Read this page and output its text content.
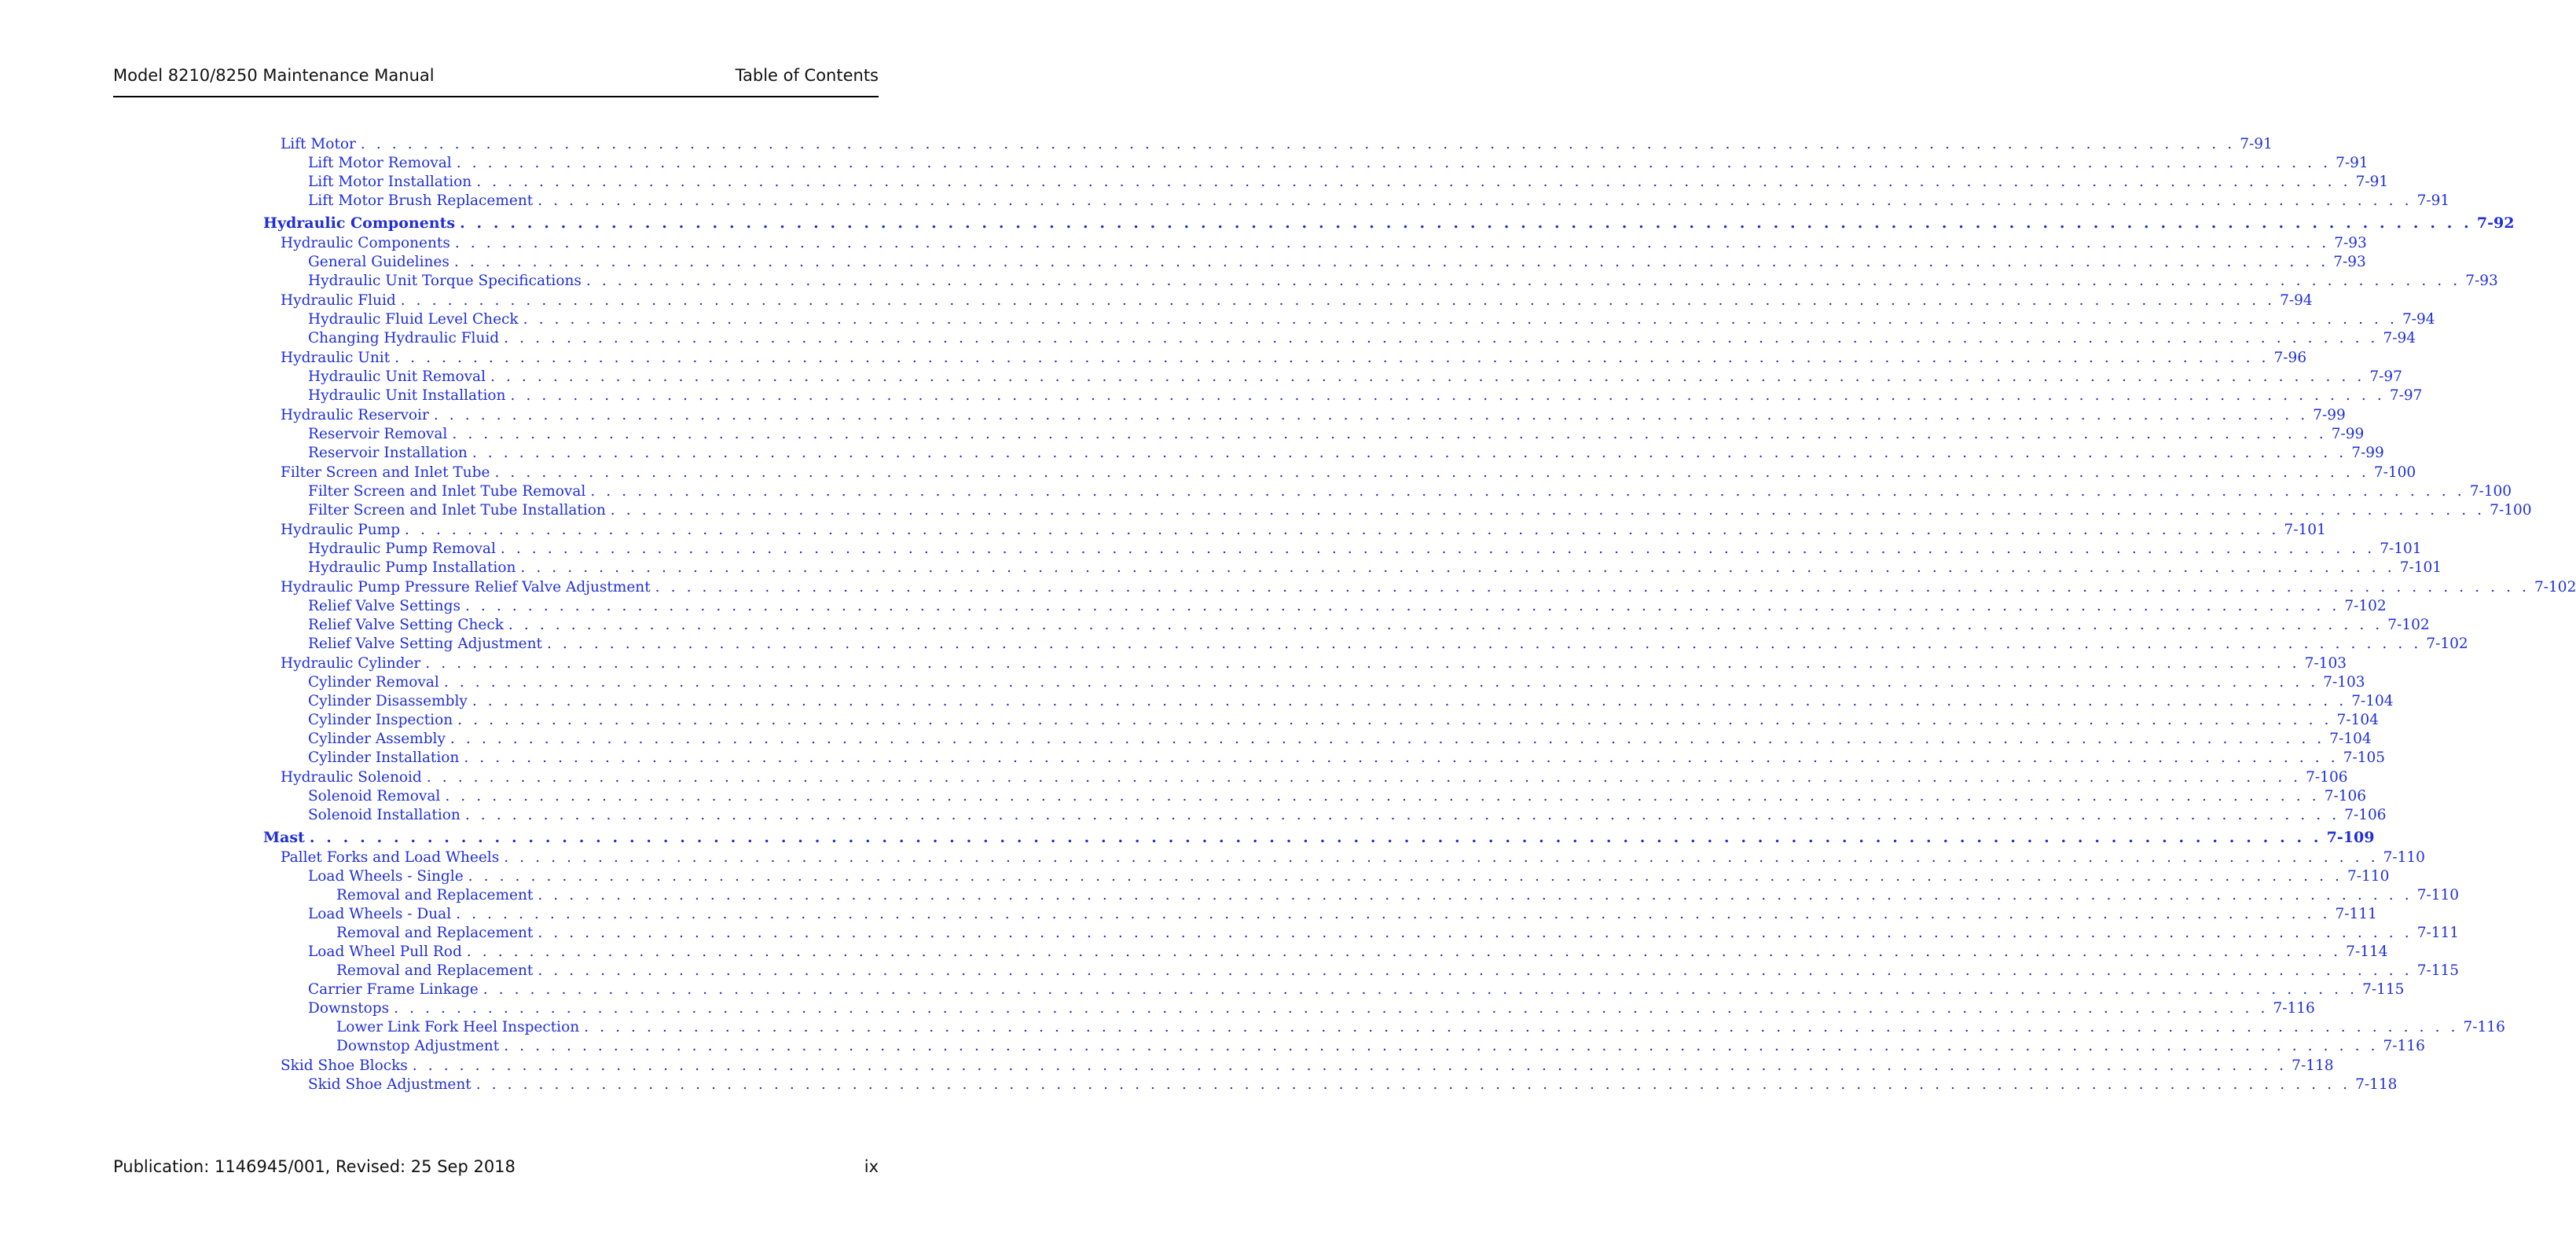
Model 8210/8250 Maintenance Manual	Table of Contents
Lift Motor . . . . . . . . . . . . . . . . . . . . . . . . . . . . . . . . . . . . . . . . . . . . . . . . . . . . . . . . . . . . . . . . . . . . . . . . . . . . . . . . . . . . . . . . . . . . . . . . . . . . . . . . . . . . . . . . . . . . . . . . 7-91
Lift Motor Removal . . . . . . . . . . . . . . . . . . . . . . . . . . . . . . . . . . . . . . . . . . . . . . . . . . . . . . . . . . . . . . . . . . . . . . . . . . . . . . . . . . . . . . . . . . . . . . . . . . . . . . . . . . . . . . . . . . . . . . . . 7-91
Lift Motor Installation . . . . . . . . . . . . . . . . . . . . . . . . . . . . . . . . . . . . . . . . . . . . . . . . . . . . . . . . . . . . . . . . . . . . . . . . . . . . . . . . . . . . . . . . . . . . . . . . . . . . . . . . . . . . . . . . . . . . . . . . 7-91
Lift Motor Brush Replacement . . . . . . . . . . . . . . . . . . . . . . . . . . . . . . . . . . . . . . . . . . . . . . . . . . . . . . . . . . . . . . . . . . . . . . . . . . . . . . . . . . . . . . . . . . . . . . . . . . . . . . . . . . . . . . . . . . . . . . . . 7-91
Hydraulic Components . . . . . . . . . . . . . . . . . . . . . . . . . . . . . . . . . . . . . . . . . . . . . . . . . . . . . . . . . . . . . . . . . . . . . . . . . . . . . . . . . . . . . . . . . . . . . . . . . . . . . . . . . . . . . . . . . . . . . . . . 7-92
Hydraulic Components . . . . . . . . . . . . . . . . . . . . . . . . . . . . . . . . . . . . . . . . . . . . . . . . . . . . . . . . . . . . . . . . . . . . . . . . . . . . . . . . . . . . . . . . . . . . . . . . . . . . . . . . . . . . . . . . . . . . . . . . 7-93
General Guidelines . . . . . . . . . . . . . . . . . . . . . . . . . . . . . . . . . . . . . . . . . . . . . . . . . . . . . . . . . . . . . . . . . . . . . . . . . . . . . . . . . . . . . . . . . . . . . . . . . . . . . . . . . . . . . . . . . . . . . . . . 7-93
Hydraulic Unit Torque Specifications . . . . . . . . . . . . . . . . . . . . . . . . . . . . . . . . . . . . . . . . . . . . . . . . . . . . . . . . . . . . . . . . . . . . . . . . . . . . . . . . . . . . . . . . . . . . . . . . . . . . . . . . . . . . . . . . . . . . . . . . 7-93
Hydraulic Fluid . . . . . . . . . . . . . . . . . . . . . . . . . . . . . . . . . . . . . . . . . . . . . . . . . . . . . . . . . . . . . . . . . . . . . . . . . . . . . . . . . . . . . . . . . . . . . . . . . . . . . . . . . . . . . . . . . . . . . . . . 7-94
Hydraulic Fluid Level Check . . . . . . . . . . . . . . . . . . . . . . . . . . . . . . . . . . . . . . . . . . . . . . . . . . . . . . . . . . . . . . . . . . . . . . . . . . . . . . . . . . . . . . . . . . . . . . . . . . . . . . . . . . . . . . . . . . . . . . . . 7-94
Changing Hydraulic Fluid . . . . . . . . . . . . . . . . . . . . . . . . . . . . . . . . . . . . . . . . . . . . . . . . . . . . . . . . . . . . . . . . . . . . . . . . . . . . . . . . . . . . . . . . . . . . . . . . . . . . . . . . . . . . . . . . . . . . . . . . 7-94
Hydraulic Unit . . . . . . . . . . . . . . . . . . . . . . . . . . . . . . . . . . . . . . . . . . . . . . . . . . . . . . . . . . . . . . . . . . . . . . . . . . . . . . . . . . . . . . . . . . . . . . . . . . . . . . . . . . . . . . . . . . . . . . . . 7-96
Hydraulic Unit Removal . . . . . . . . . . . . . . . . . . . . . . . . . . . . . . . . . . . . . . . . . . . . . . . . . . . . . . . . . . . . . . . . . . . . . . . . . . . . . . . . . . . . . . . . . . . . . . . . . . . . . . . . . . . . . . . . . . . . . . . . 7-97
Hydraulic Unit Installation . . . . . . . . . . . . . . . . . . . . . . . . . . . . . . . . . . . . . . . . . . . . . . . . . . . . . . . . . . . . . . . . . . . . . . . . . . . . . . . . . . . . . . . . . . . . . . . . . . . . . . . . . . . . . . . . . . . . . . . . 7-97
Hydraulic Reservoir . . . . . . . . . . . . . . . . . . . . . . . . . . . . . . . . . . . . . . . . . . . . . . . . . . . . . . . . . . . . . . . . . . . . . . . . . . . . . . . . . . . . . . . . . . . . . . . . . . . . . . . . . . . . . . . . . . . . . . . . 7-99
Reservoir Removal . . . . . . . . . . . . . . . . . . . . . . . . . . . . . . . . . . . . . . . . . . . . . . . . . . . . . . . . . . . . . . . . . . . . . . . . . . . . . . . . . . . . . . . . . . . . . . . . . . . . . . . . . . . . . . . . . . . . . . . . 7-99
Reservoir Installation . . . . . . . . . . . . . . . . . . . . . . . . . . . . . . . . . . . . . . . . . . . . . . . . . . . . . . . . . . . . . . . . . . . . . . . . . . . . . . . . . . . . . . . . . . . . . . . . . . . . . . . . . . . . . . . . . . . . . . . . 7-99
Filter Screen and Inlet Tube . . . . . . . . . . . . . . . . . . . . . . . . . . . . . . . . . . . . . . . . . . . . . . . . . . . . . . . . . . . . . . . . . . . . . . . . . . . . . . . . . . . . . . . . . . . . . . . . . . . . . . . . . . . . . . . . . . . . . . . . 7-100
Filter Screen and Inlet Tube Removal . . . . . . . . . . . . . . . . . . . . . . . . . . . . . . . . . . . . . . . . . . . . . . . . . . . . . . . . . . . . . . . . . . . . . . . . . . . . . . . . . . . . . . . . . . . . . . . . . . . . . . . . . . . . . . . . . . . . . . . . 7-100
Filter Screen and Inlet Tube Installation . . . . . . . . . . . . . . . . . . . . . . . . . . . . . . . . . . . . . . . . . . . . . . . . . . . . . . . . . . . . . . . . . . . . . . . . . . . . . . . . . . . . . . . . . . . . . . . . . . . . . . . . . . . . . . . . . . . . . . . . 7-100
Hydraulic Pump . . . . . . . . . . . . . . . . . . . . . . . . . . . . . . . . . . . . . . . . . . . . . . . . . . . . . . . . . . . . . . . . . . . . . . . . . . . . . . . . . . . . . . . . . . . . . . . . . . . . . . . . . . . . . . . . . . . . . . . . 7-101
Hydraulic Pump Removal . . . . . . . . . . . . . . . . . . . . . . . . . . . . . . . . . . . . . . . . . . . . . . . . . . . . . . . . . . . . . . . . . . . . . . . . . . . . . . . . . . . . . . . . . . . . . . . . . . . . . . . . . . . . . . . . . . . . . . . . 7-101
Hydraulic Pump Installation . . . . . . . . . . . . . . . . . . . . . . . . . . . . . . . . . . . . . . . . . . . . . . . . . . . . . . . . . . . . . . . . . . . . . . . . . . . . . . . . . . . . . . . . . . . . . . . . . . . . . . . . . . . . . . . . . . . . . . . . 7-101
Hydraulic Pump Pressure Relief Valve Adjustment . . . . . . . . . . . . . . . . . . . . . . . . . . . . . . . . . . . . . . . . . . . . . . . . . . . . . . . . . . . . . . . . . . . . . . . . . . . . . . . . . . . . . . . . . . . . . . . . . . . . . . . . . . . . . . . . . . . . . . . . 7-102
Relief Valve Settings . . . . . . . . . . . . . . . . . . . . . . . . . . . . . . . . . . . . . . . . . . . . . . . . . . . . . . . . . . . . . . . . . . . . . . . . . . . . . . . . . . . . . . . . . . . . . . . . . . . . . . . . . . . . . . . . . . . . . . . . 7-102
Relief Valve Setting Check . . . . . . . . . . . . . . . . . . . . . . . . . . . . . . . . . . . . . . . . . . . . . . . . . . . . . . . . . . . . . . . . . . . . . . . . . . . . . . . . . . . . . . . . . . . . . . . . . . . . . . . . . . . . . . . . . . . . . . . . 7-102
Relief Valve Setting Adjustment . . . . . . . . . . . . . . . . . . . . . . . . . . . . . . . . . . . . . . . . . . . . . . . . . . . . . . . . . . . . . . . . . . . . . . . . . . . . . . . . . . . . . . . . . . . . . . . . . . . . . . . . . . . . . . . . . . . . . . . . 7-102
Hydraulic Cylinder . . . . . . . . . . . . . . . . . . . . . . . . . . . . . . . . . . . . . . . . . . . . . . . . . . . . . . . . . . . . . . . . . . . . . . . . . . . . . . . . . . . . . . . . . . . . . . . . . . . . . . . . . . . . . . . . . . . . . . . . 7-103
Cylinder Removal . . . . . . . . . . . . . . . . . . . . . . . . . . . . . . . . . . . . . . . . . . . . . . . . . . . . . . . . . . . . . . . . . . . . . . . . . . . . . . . . . . . . . . . . . . . . . . . . . . . . . . . . . . . . . . . . . . . . . . . . 7-103
Cylinder Disassembly . . . . . . . . . . . . . . . . . . . . . . . . . . . . . . . . . . . . . . . . . . . . . . . . . . . . . . . . . . . . . . . . . . . . . . . . . . . . . . . . . . . . . . . . . . . . . . . . . . . . . . . . . . . . . . . . . . . . . . . . 7-104
Cylinder Inspection . . . . . . . . . . . . . . . . . . . . . . . . . . . . . . . . . . . . . . . . . . . . . . . . . . . . . . . . . . . . . . . . . . . . . . . . . . . . . . . . . . . . . . . . . . . . . . . . . . . . . . . . . . . . . . . . . . . . . . . . 7-104
Cylinder Assembly . . . . . . . . . . . . . . . . . . . . . . . . . . . . . . . . . . . . . . . . . . . . . . . . . . . . . . . . . . . . . . . . . . . . . . . . . . . . . . . . . . . . . . . . . . . . . . . . . . . . . . . . . . . . . . . . . . . . . . . . 7-104
Cylinder Installation . . . . . . . . . . . . . . . . . . . . . . . . . . . . . . . . . . . . . . . . . . . . . . . . . . . . . . . . . . . . . . . . . . . . . . . . . . . . . . . . . . . . . . . . . . . . . . . . . . . . . . . . . . . . . . . . . . . . . . . . 7-105
Hydraulic Solenoid . . . . . . . . . . . . . . . . . . . . . . . . . . . . . . . . . . . . . . . . . . . . . . . . . . . . . . . . . . . . . . . . . . . . . . . . . . . . . . . . . . . . . . . . . . . . . . . . . . . . . . . . . . . . . . . . . . . . . . . . 7-106
Solenoid Removal . . . . . . . . . . . . . . . . . . . . . . . . . . . . . . . . . . . . . . . . . . . . . . . . . . . . . . . . . . . . . . . . . . . . . . . . . . . . . . . . . . . . . . . . . . . . . . . . . . . . . . . . . . . . . . . . . . . . . . . . 7-106
Solenoid Installation . . . . . . . . . . . . . . . . . . . . . . . . . . . . . . . . . . . . . . . . . . . . . . . . . . . . . . . . . . . . . . . . . . . . . . . . . . . . . . . . . . . . . . . . . . . . . . . . . . . . . . . . . . . . . . . . . . . . . . . . 7-106
Mast . . . . . . . . . . . . . . . . . . . . . . . . . . . . . . . . . . . . . . . . . . . . . . . . . . . . . . . . . . . . . . . . . . . . . . . . . . . . . . . . . . . . . . . . . . . . . . . . . . . . . . . . . . . . . . . . . . . . . . . . 7-109
Pallet Forks and Load Wheels . . . . . . . . . . . . . . . . . . . . . . . . . . . . . . . . . . . . . . . . . . . . . . . . . . . . . . . . . . . . . . . . . . . . . . . . . . . . . . . . . . . . . . . . . . . . . . . . . . . . . . . . . . . . . . . . . . . . . . . . 7-110
Load Wheels - Single . . . . . . . . . . . . . . . . . . . . . . . . . . . . . . . . . . . . . . . . . . . . . . . . . . . . . . . . . . . . . . . . . . . . . . . . . . . . . . . . . . . . . . . . . . . . . . . . . . . . . . . . . . . . . . . . . . . . . . . . 7-110
Removal and Replacement . . . . . . . . . . . . . . . . . . . . . . . . . . . . . . . . . . . . . . . . . . . . . . . . . . . . . . . . . . . . . . . . . . . . . . . . . . . . . . . . . . . . . . . . . . . . . . . . . . . . . . . . . . . . . . . . . . . . . . . . 7-110
Load Wheels - Dual . . . . . . . . . . . . . . . . . . . . . . . . . . . . . . . . . . . . . . . . . . . . . . . . . . . . . . . . . . . . . . . . . . . . . . . . . . . . . . . . . . . . . . . . . . . . . . . . . . . . . . . . . . . . . . . . . . . . . . . . 7-111
Removal and Replacement . . . . . . . . . . . . . . . . . . . . . . . . . . . . . . . . . . . . . . . . . . . . . . . . . . . . . . . . . . . . . . . . . . . . . . . . . . . . . . . . . . . . . . . . . . . . . . . . . . . . . . . . . . . . . . . . . . . . . . . . 7-111
Load Wheel Pull Rod . . . . . . . . . . . . . . . . . . . . . . . . . . . . . . . . . . . . . . . . . . . . . . . . . . . . . . . . . . . . . . . . . . . . . . . . . . . . . . . . . . . . . . . . . . . . . . . . . . . . . . . . . . . . . . . . . . . . . . . . 7-114
Removal and Replacement . . . . . . . . . . . . . . . . . . . . . . . . . . . . . . . . . . . . . . . . . . . . . . . . . . . . . . . . . . . . . . . . . . . . . . . . . . . . . . . . . . . . . . . . . . . . . . . . . . . . . . . . . . . . . . . . . . . . . . . . 7-115
Carrier Frame Linkage . . . . . . . . . . . . . . . . . . . . . . . . . . . . . . . . . . . . . . . . . . . . . . . . . . . . . . . . . . . . . . . . . . . . . . . . . . . . . . . . . . . . . . . . . . . . . . . . . . . . . . . . . . . . . . . . . . . . . . . . 7-115
Downstops . . . . . . . . . . . . . . . . . . . . . . . . . . . . . . . . . . . . . . . . . . . . . . . . . . . . . . . . . . . . . . . . . . . . . . . . . . . . . . . . . . . . . . . . . . . . . . . . . . . . . . . . . . . . . . . . . . . . . . . . 7-116
Lower Link Fork Heel Inspection . . . . . . . . . . . . . . . . . . . . . . . . . . . . . . . . . . . . . . . . . . . . . . . . . . . . . . . . . . . . . . . . . . . . . . . . . . . . . . . . . . . . . . . . . . . . . . . . . . . . . . . . . . . . . . . . . . . . . . . . 7-116
Downstop Adjustment . . . . . . . . . . . . . . . . . . . . . . . . . . . . . . . . . . . . . . . . . . . . . . . . . . . . . . . . . . . . . . . . . . . . . . . . . . . . . . . . . . . . . . . . . . . . . . . . . . . . . . . . . . . . . . . . . . . . . . . . 7-116
Skid Shoe Blocks . . . . . . . . . . . . . . . . . . . . . . . . . . . . . . . . . . . . . . . . . . . . . . . . . . . . . . . . . . . . . . . . . . . . . . . . . . . . . . . . . . . . . . . . . . . . . . . . . . . . . . . . . . . . . . . . . . . . . . . . 7-118
Skid Shoe Adjustment . . . . . . . . . . . . . . . . . . . . . . . . . . . . . . . . . . . . . . . . . . . . . . . . . . . . . . . . . . . . . . . . . . . . . . . . . . . . . . . . . . . . . . . . . . . . . . . . . . . . . . . . . . . . . . . . . . . . . . . . 7-118
Publication: 1146945/001, Revised: 25 Sep 2018	ix
